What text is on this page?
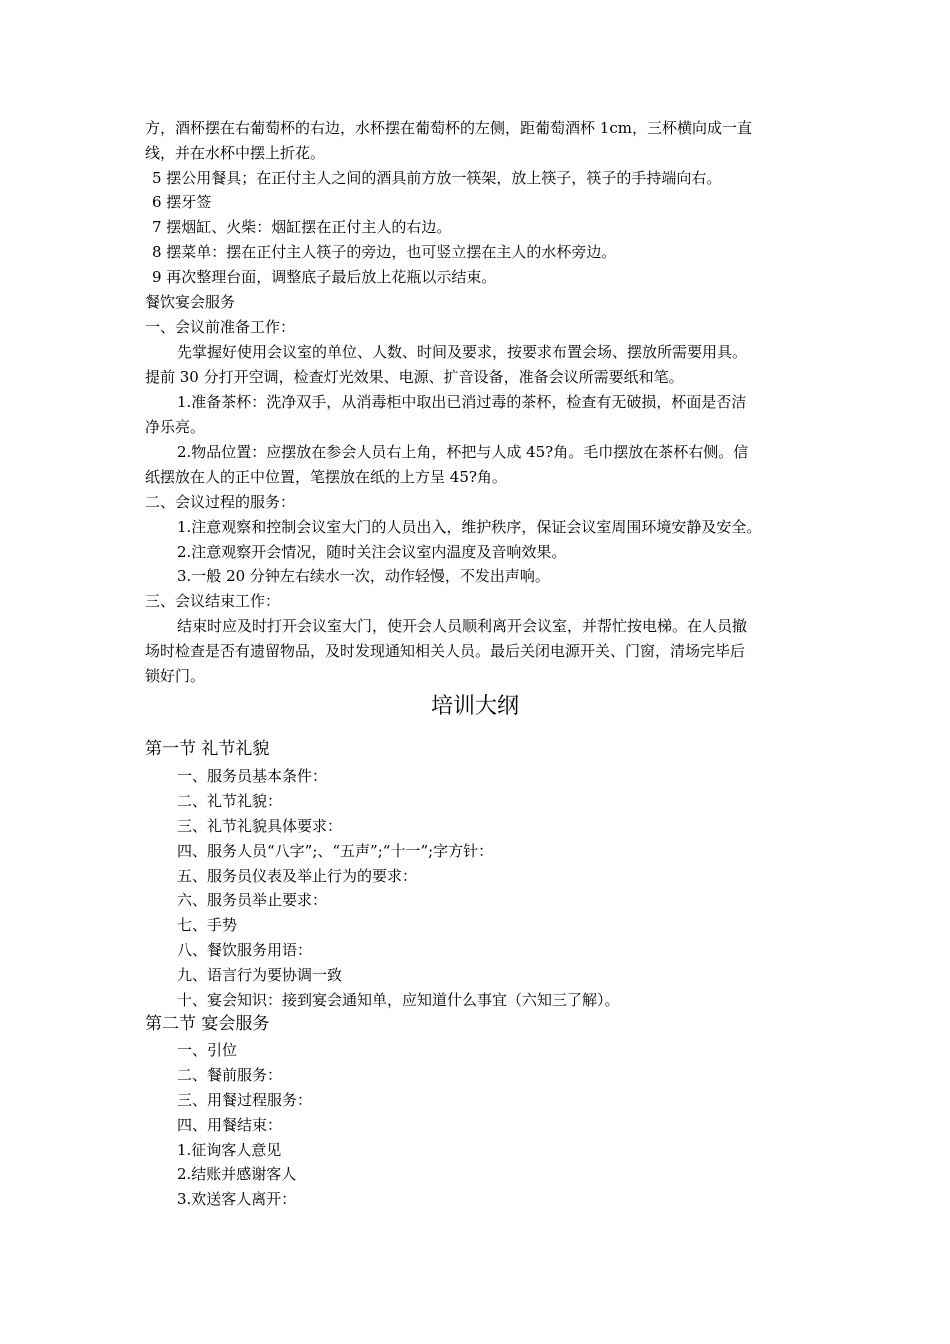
方，酒杯摆在右葡萄杯的右边，水杯摆在葡萄杯的左侧，距葡萄酒杯 1cm，三杯横向成一直
线，并在水杯中摆上折花。
5 摆公用餐具；在正付主人之间的酒具前方放一筷架，放上筷子，筷子的手持端向右。
6 摆牙签
7 摆烟缸、火柴：烟缸摆在正付主人的右边。
8 摆菜单：摆在正付主人筷子的旁边，也可竖立摆在主人的水杯旁边。
9 再次整理台面，调整底子最后放上花瓶以示结束。
餐饮宴会服务
一、会议前准备工作：
先掌握好使用会议室的单位、人数、时间及要求，按要求布置会场、摆放所需要用具。
提前 30 分打开空调，检查灯光效果、电源、扩音设备，准备会议所需要纸和笔。
1.准备茶杯：洗净双手，从消毒柜中取出已消过毒的茶杯，检查有无破损，杯面是否洁
净乐亮。
2.物品位置：应摆放在参会人员右上角，杯把与人成 45?角。毛巾摆放在茶杯右侧。信
纸摆放在人的正中位置，笔摆放在纸的上方呈 45?角。
二、会议过程的服务：
1.注意观察和控制会议室大门的人员出入，维护秩序，保证会议室周围环境安静及安全。
2.注意观察开会情况，随时关注会议室内温度及音响效果。
3.一般 20 分钟左右续水一次，动作轻慢，不发出声响。
三、会议结束工作：
结束时应及时打开会议室大门，使开会人员顺利离开会议室，并帮忙按电梯。在人员撤
场时检查是否有遗留物品，及时发现通知相关人员。最后关闭电源开关、门窗，清场完毕后
锁好门。
培训大纲
第一节 礼节礼貌
一、服务员基本条件：
二、礼节礼貌：
三、礼节礼貌具体要求：
四、服务人员“八字”;、“五声”;“十一”;字方针：
五、服务员仪表及举止行为的要求：
六、服务员举止要求：
七、手势
八、餐饮服务用语：
九、语言行为要协调一致
十、宴会知识：接到宴会通知单，应知道什么事宜（六知三了解）。
第二节 宴会服务
一、引位
二、餐前服务：
三、用餐过程服务：
四、用餐结束：
1.征询客人意见
2.结账并感谢客人
3.欢送客人离开：
